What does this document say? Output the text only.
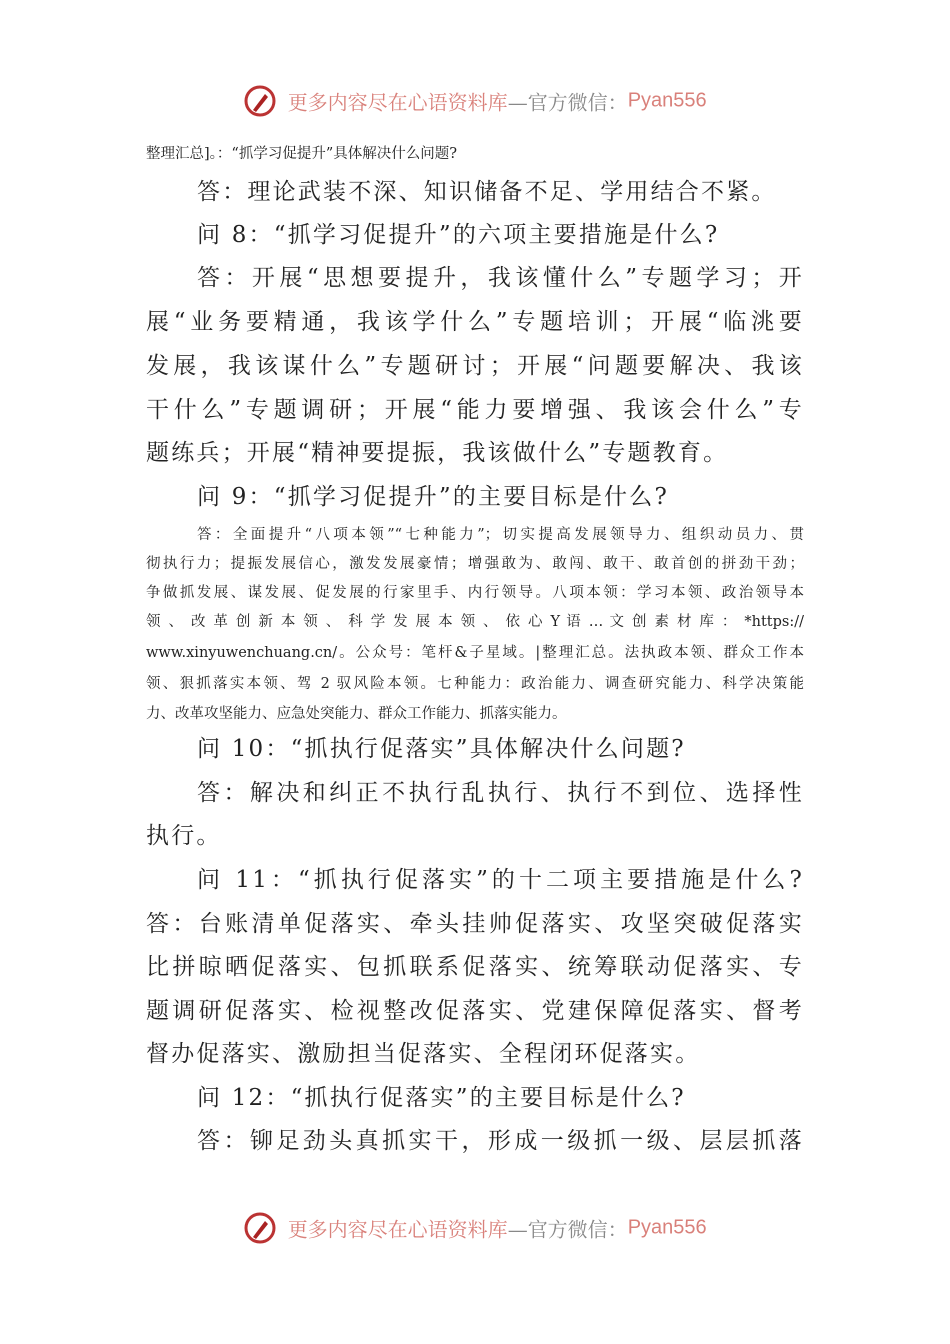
更多内容尽在心语资料库—官方微信：Pyan556
整理汇总]。：“抓学习促提升”具体解决什么问题?
答：理论武装不深、知识储备不足、学用结合不紧。
问 8：“抓学习促提升”的六项主要措施是什么?
答：开展“思想要提升，我该懂什么”专题学习；开
展“业务要精通，我该学什么”专题培训；开展“临洮要
发展，我该谋什么”专题研讨；开展“问题要解决、我该
干什么”专题调研；开展“能力要增强、我该会什么”专
题练兵；开展“精神要提振，我该做什么”专题教育。
问 9：“抓学习促提升”的主要目标是什么?
答：全面提升“八项本领”“七种能力”；切实提高发展领导力、组织动员力、贯
彻执行力；提振发展信心，激发发展豪情；增强敢为、敢闯、敢干、敢首创的拼劲干劲；
争做抓发展、谋发展、促发展的行家里手、内行领导。八项本领：学习本领、政治领导本
领 、 改 革 创 新 本 领 、 科 学 发 展 本 领 、 依 心 Y 语 … 文 创 素 材 库 ： *https://
www.xinyuwenchuang.cn/。公众号：笔杆&子星域。|整理汇总。法执政本领、群众工作本
领、狠抓落实本领、驾 2 驭风险本领。七种能力：政治能力、调查研究能力、科学决策能
力、改革攻坚能力、应急处突能力、群众工作能力、抓落实能力。
问 10：“抓执行促落实”具体解决什么问题?
答：解决和纠正不执行乱执行、执行不到位、选择性
执行。
问 11：“抓执行促落实”的十二项主要措施是什么?
答：台账清单促落实、牵头挂帅促落实、攻坚突破促落实
比拼晾晒促落实、包抓联系促落实、统筹联动促落实、专
题调研促落实、检视整改促落实、党建保障促落实、督考
督办促落实、激励担当促落实、全程闭环促落实。
问 12：“抓执行促落实”的主要目标是什么?
答：铆足劲头真抓实干，形成一级抓一级、层层抓落
更多内容尽在心语资料库—官方微信：Pyan556
